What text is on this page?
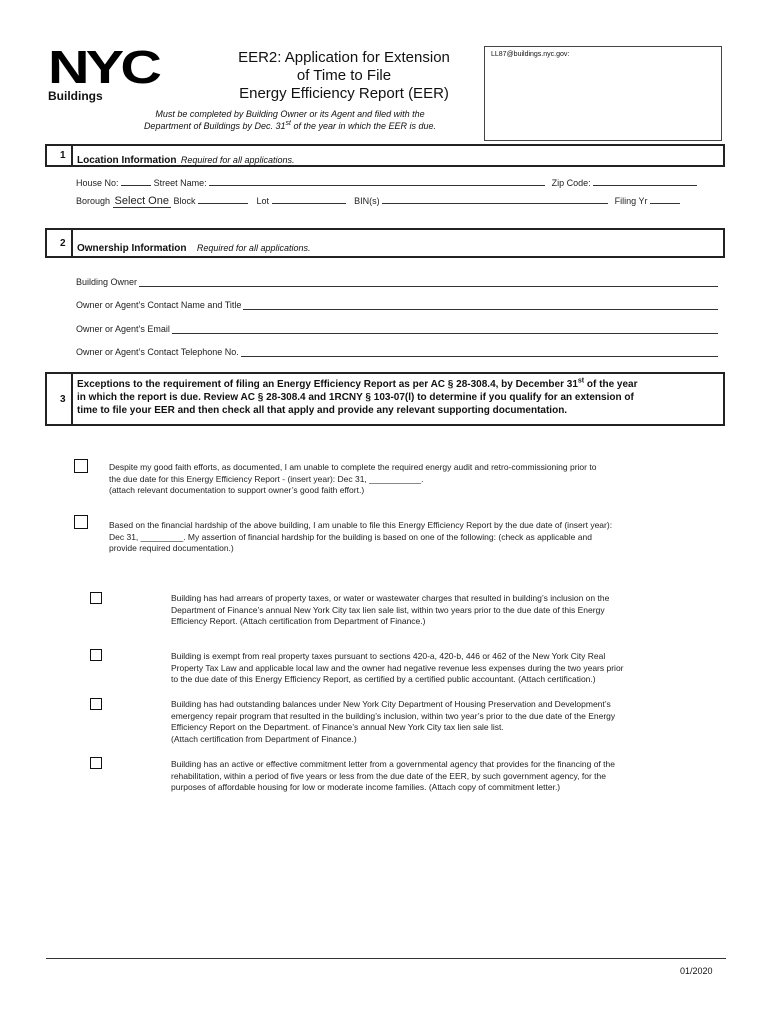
NYC
Buildings
EER2: Application for Extension
of Time to File
Energy Efficiency Report (EER)
LL87@buildings.nyc.gov:
Must be completed by Building Owner or its Agent and filed with the
Department of Buildings by Dec. 31st of the year in which the EER is due.
1 Location Information Required for all applications.
House No:	Street Name:	Zip Code:
Borough Select One Block	Lot	BIN(s)	Filing Yr
2 Ownership Information Required for all applications.
Building Owner
Owner or Agent’s Contact Name and Title
Owner or Agent’s Email
Owner or Agent’s Contact Telephone No.
3
Exceptions to the requirement of filing an Energy Efficiency Report as per AC § 28-308.4, by December 31st of the year
in which the report is due. Review AC § 28-308.4 and 1RCNY § 103-07(l) to determine if you qualify for an extension of
time to file your EER and then check all that apply and provide any relevant supporting documentation.
Despite my good faith efforts, as documented, I am unable to complete the required energy audit and retro-commissioning prior to
the due date for this Energy Efficiency Report - (insert year): Dec 31, ___________.
(attach relevant documentation to support owner’s good faith effort.)
Based on the financial hardship of the above building, I am unable to file this Energy Efficiency Report by the due date of (insert year):
Dec 31, _________. My assertion of financial hardship for the building is based on one of the following: (check as applicable and
provide required documentation.)
Building has had arrears of property taxes, or water or wastewater charges that resulted in building’s inclusion on the
Department of Finance’s annual New York City tax lien sale list, within two years prior to the due date of this Energy
Efficiency Report. (Attach certification from Department of Finance.)
Building is exempt from real property taxes pursuant to sections 420-a, 420-b, 446 or 462 of the New York City Real
Property Tax Law and applicable local law and the owner had negative revenue less expenses during the two years prior
to the due date of this Energy Efficiency Report, as certified by a certified public accountant. (Attach certification.)
Building has had outstanding balances under New York City Department of Housing Preservation and Development’s
emergency repair program that resulted in the building’s inclusion, within two year’s prior to the due date of the Energy
Efficiency Report on the Department. of Finance’s annual New York City tax lien sale list.
(Attach certification from Department of Finance.)
Building has an active or effective commitment letter from a governmental agency that provides for the financing of the
rehabilitation, within a period of five years or less from the due date of the EER, by such government agency, for the
purposes of affordable housing for low or moderate income families. (Attach copy of commitment letter.)
01/2020
